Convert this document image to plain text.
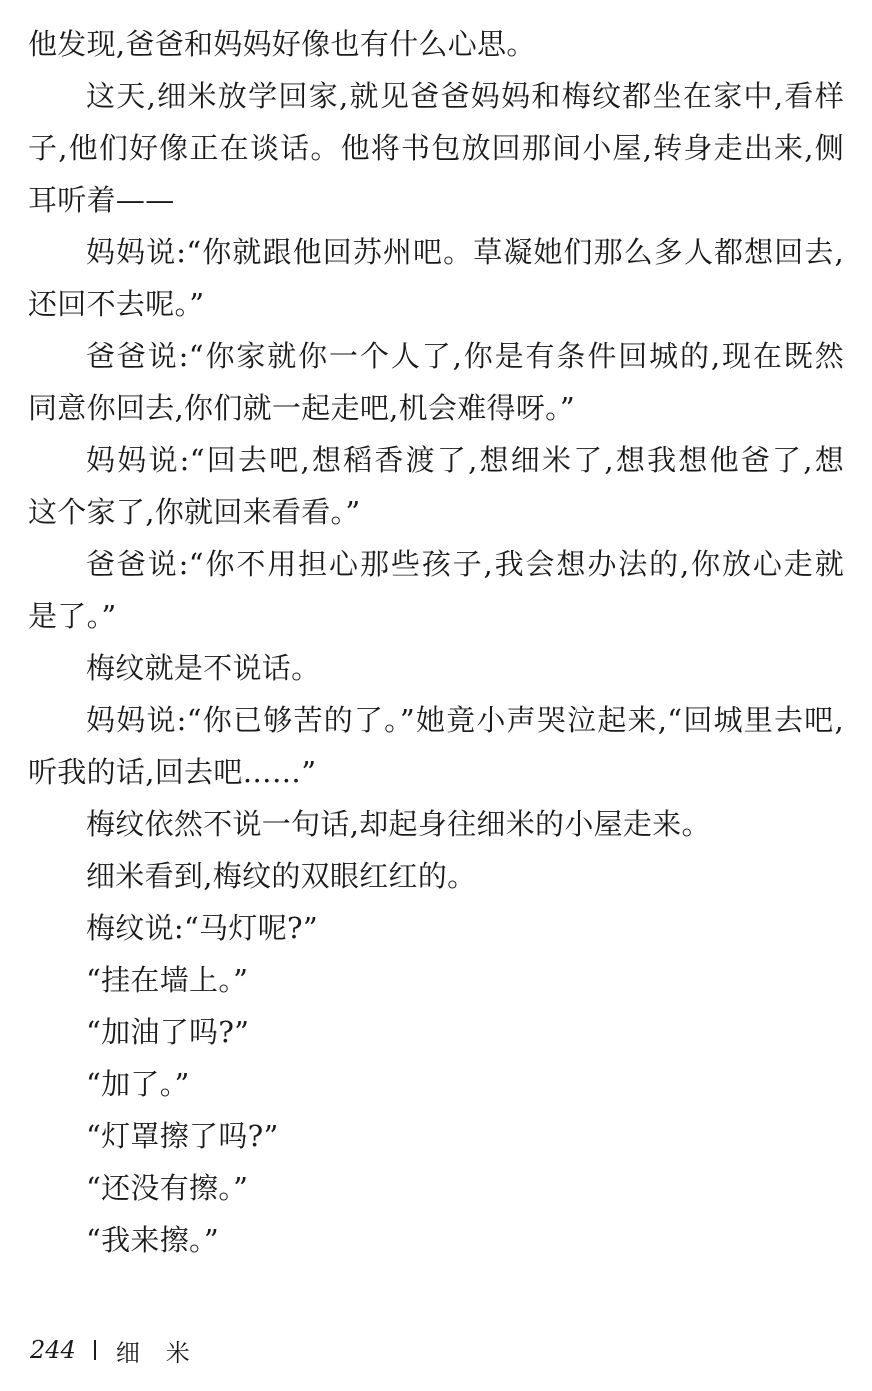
他发现,爸爸和妈妈好像也有什么心思。
这天,细米放学回家,就见爸爸妈妈和梅纹都坐在家中,看样
子,他们好像正在谈话。他将书包放回那间小屋,转身走出来,侧
耳听着——
妈妈说:“你就跟他回苏州吧。草凝她们那么多人都想回去,
还回不去呢。”
爸爸说:“你家就你一个人了,你是有条件回城的,现在既然
同意你回去,你们就一起走吧,机会难得呀。”
妈妈说:“回去吧,想稻香渡了,想细米了,想我想他爸了,想
这个家了,你就回来看看。”
爸爸说:“你不用担心那些孩子,我会想办法的,你放心走就
是了。”
梅纹就是不说话。
妈妈说:“你已够苦的了。”她竟小声哭泣起来,“回城里去吧,
听我的话,回去吧……”
梅纹依然不说一句话,却起身往细米的小屋走来。
细米看到,梅纹的双眼红红的。
梅纹说:“马灯呢?”
“挂在墙上。”
“加油了吗?”
“加了。”
“灯罩擦了吗?”
“还没有擦。”
“我来擦。”
244 细米
